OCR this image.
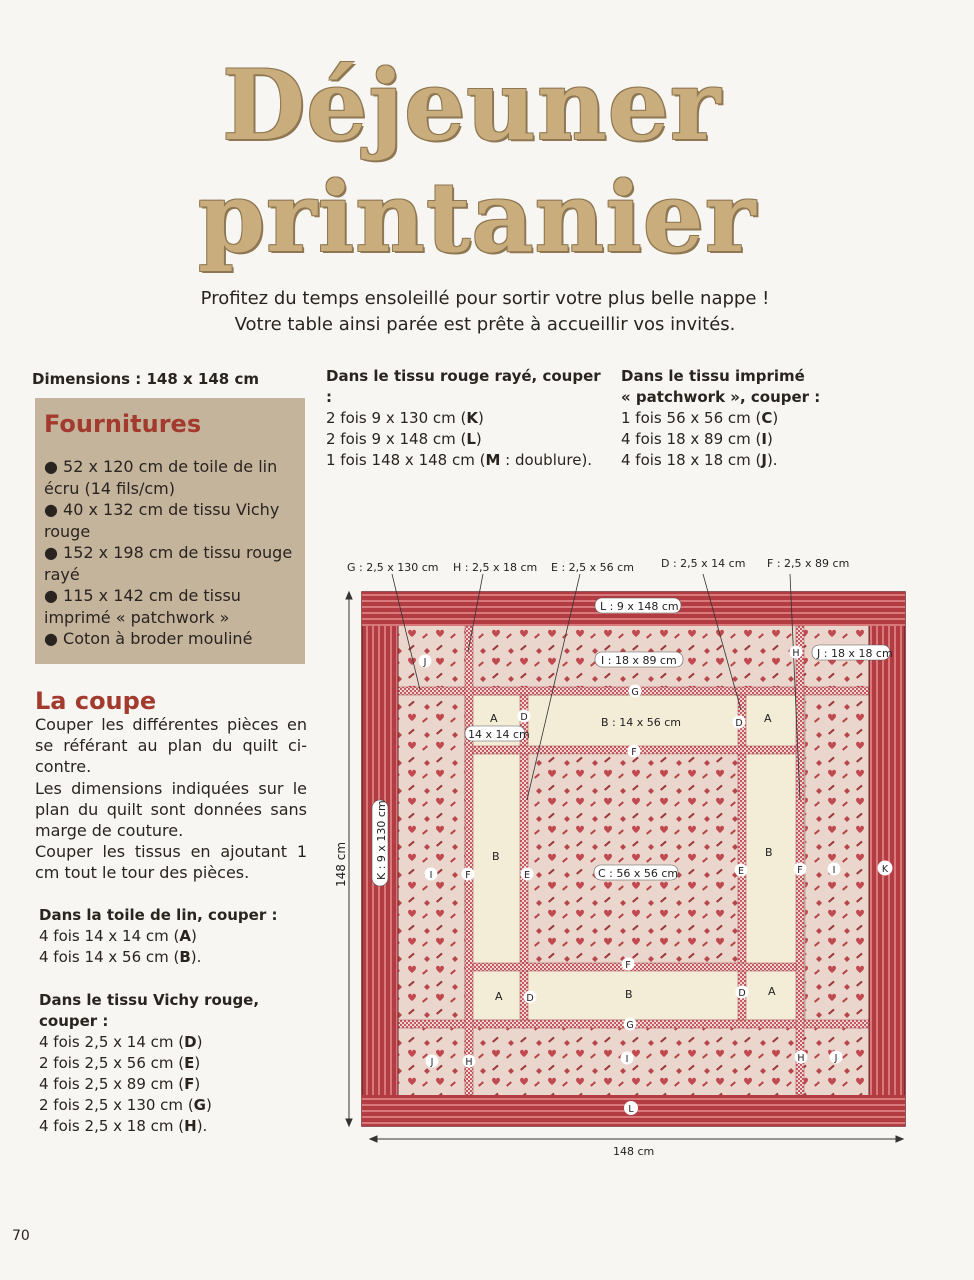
Déjeuner
printanier
Profitez du temps ensoleillé pour sortir votre plus belle nappe !
Votre table ainsi parée est prête à accueillir vos invités.
Dimensions : 148 x 148 cm
Fournitures
● 52 x 120 cm de toile de lin écru (14 fils/cm)
● 40 x 132 cm de tissu Vichy rouge
● 152 x 198 cm de tissu rouge rayé
● 115 x 142 cm de tissu imprimé « patchwork »
● Coton à broder mouliné
La coupe
Couper les différentes pièces en se référant au plan du quilt ci-contre.
Les dimensions indiquées sur le plan du quilt sont données sans marge de couture.
Couper les tissus en ajoutant 1 cm tout le tour des pièces.
Dans la toile de lin, couper :
4 fois 14 x 14 cm (A)
4 fois 14 x 56 cm (B).
Dans le tissu Vichy rouge, couper :
4 fois 2,5 x 14 cm (D)
2 fois 2,5 x 56 cm (E)
4 fois 2,5 x 89 cm (F)
2 fois 2,5 x 130 cm (G)
4 fois 2,5 x 18 cm (H).
Dans le tissu rouge rayé, couper :
2 fois 9 x 130 cm (K)
2 fois 9 x 148 cm (L)
1 fois 148 x 148 cm (M : doublure).
Dans le tissu imprimé
« patchwork », couper :
1 fois 56 x 56 cm (C)
4 fois 18 x 89 cm (I)
4 fois 18 x 18 cm (J).
G : 2,5 x 130 cm H : 2,5 x 18 cm E : 2,5 x 56 cm D : 2,5 x 14 cm F : 2,5 x 89 cm
L : 9 x 148 cm
I : 18 x 89 cm
J : 18 x 18 cm
14 x 14 cm
B : 14 x 56 cm
C : 56 x 56 cm
148 cm
K : 9 x 130 cm
148 cm
A	A
A	A
B	B
B
J
J	J
H
H	H
G
G
D
D
D	D
F
F
F	F
E	E
I	I
I
K
L
70
